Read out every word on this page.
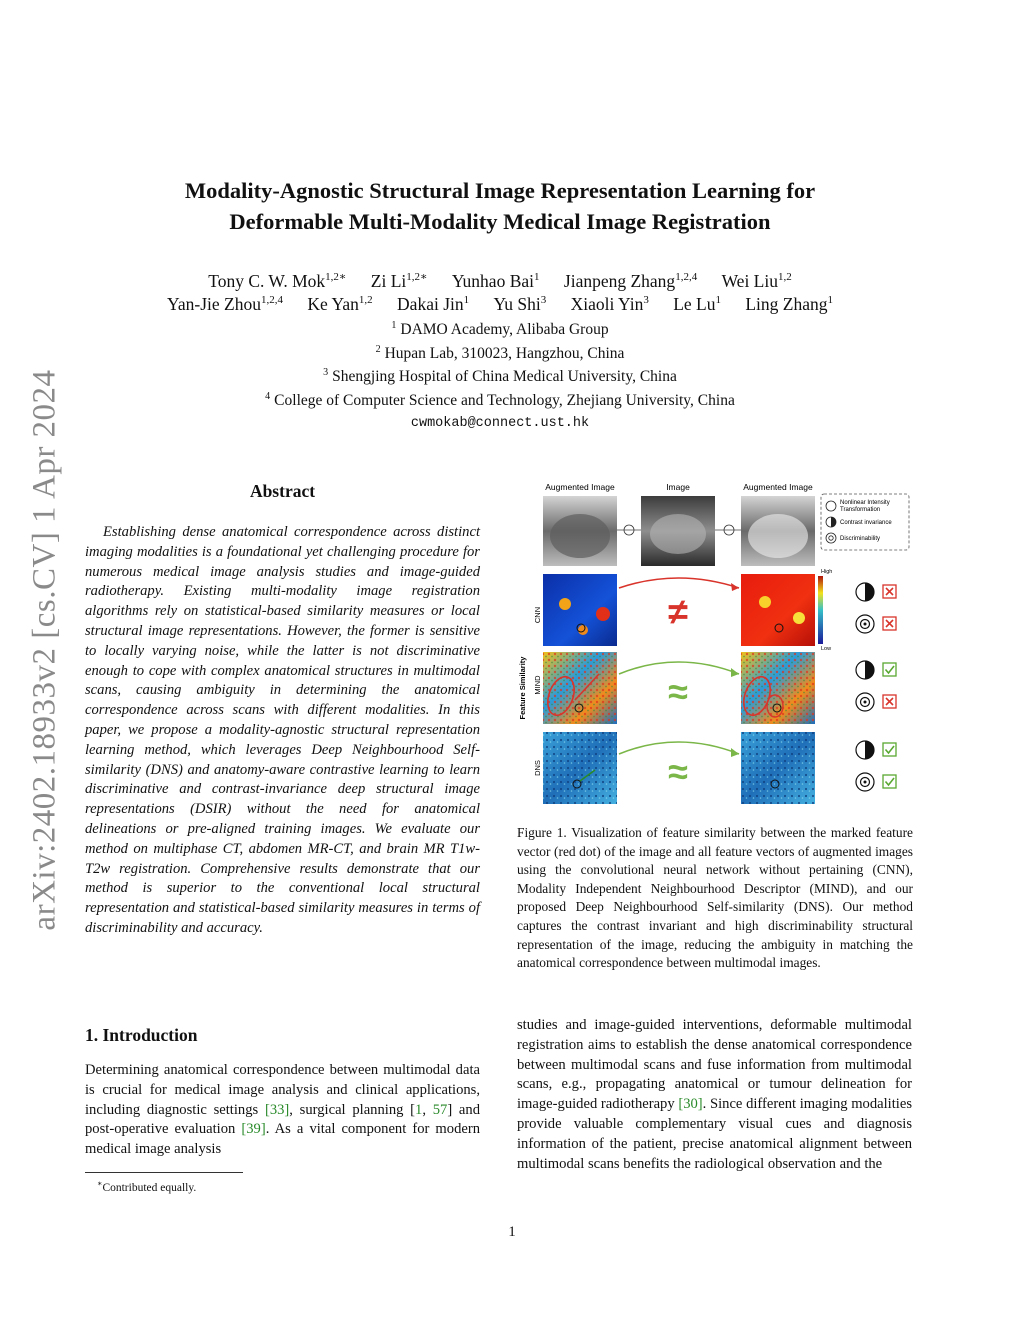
arXiv:2402.18933v2 [cs.CV] 1 Apr 2024
Modality-Agnostic Structural Image Representation Learning for
Deformable Multi-Modality Medical Image Registration
Tony C. W. Mok$^{1,2∗}$ Zi $Li^{1,2∗}$ Yunhao Bai$^1$ Jianpeng Zhang$^{1,2,4}$ Wei Liu$^{1,2}$
Yan-Jie Zhou$^{1,2,4}$ Ke Yan$^{1,2}$ Dakai Jin$^1$ Yu Shi$^3$ Xiaoli Yin$^3$ Le Lu$^1$ Ling Zhang$^1$
$^1$ DAMO Academy, Alibaba Group
$^2$ Hupan Lab, 310023, Hangzhou, China
$^3$ Shengjing Hospital of China Medical University, China
$^4$ College of Computer Science and Technology, Zhejiang University, China
cwmokab@connect.ust.hk
Abstract
Establishing dense anatomical correspondence across distinct imaging modalities is a foundational yet challenging procedure for numerous medical image analysis studies and image-guided radiotherapy. Existing multi-modality image registration algorithms rely on statistical-based similarity measures or local structural image representations. However, the former is sensitive to locally varying noise, while the latter is not discriminative enough to cope with complex anatomical structures in multimodal scans, causing ambiguity in determining the anatomical correspondence across scans with different modalities. In this paper, we propose a modality-agnostic structural representation learning method, which leverages Deep Neighbourhood Self-similarity (DNS) and anatomy-aware contrastive learning to learn discriminative and contrast-invariance deep structural image representations (DSIR) without the need for anatomical delineations or pre-aligned training images. We evaluate our method on multiphase CT, abdomen MR-CT, and brain MR T1w-T2w registration. Comprehensive results demonstrate that our method is superior to the conventional local structural representation and statistical-based similarity measures in terms of discriminability and accuracy.
1. Introduction
Determining anatomical correspondence between multimodal data is crucial for medical image analysis and clinical applications, including diagnostic settings [33], surgical planning [1, 57] and post-operative evaluation [39]. As a vital component for modern medical image analysis
studies and image-guided interventions, deformable multimodal registration aims to establish the dense anatomical correspondence between multimodal scans and fuse information from multimodal scans, e.g., propagating anatomical or tumour delineation for image-guided radiotherapy [30]. Since different imaging modalities provide valuable complementary visual cues and diagnosis information of the patient, precise anatomical alignment between multimodal scans benefits the radiological observation and the
Augmented Image	Image	Augmented Image
Nonlinear Intensity
Transformation
Contrast invariance
Discriminability
CNN
MIND
DNS
Feature Similarity
≠
High
Low
≈
≈
Figure 1. Visualization of feature similarity between the marked feature vector (red dot) of the image and all feature vectors of augmented images using the convolutional neural network without pertaining (CNN), Modality Independent Neighbourhood Descriptor (MIND), and our proposed Deep Neighbourhood Self-similarity (DNS). Our method captures the contrast invariant and high discriminability structural representation of the image, reducing the ambiguity in matching the anatomical correspondence between multimodal images.
∗Contributed equally.
1
